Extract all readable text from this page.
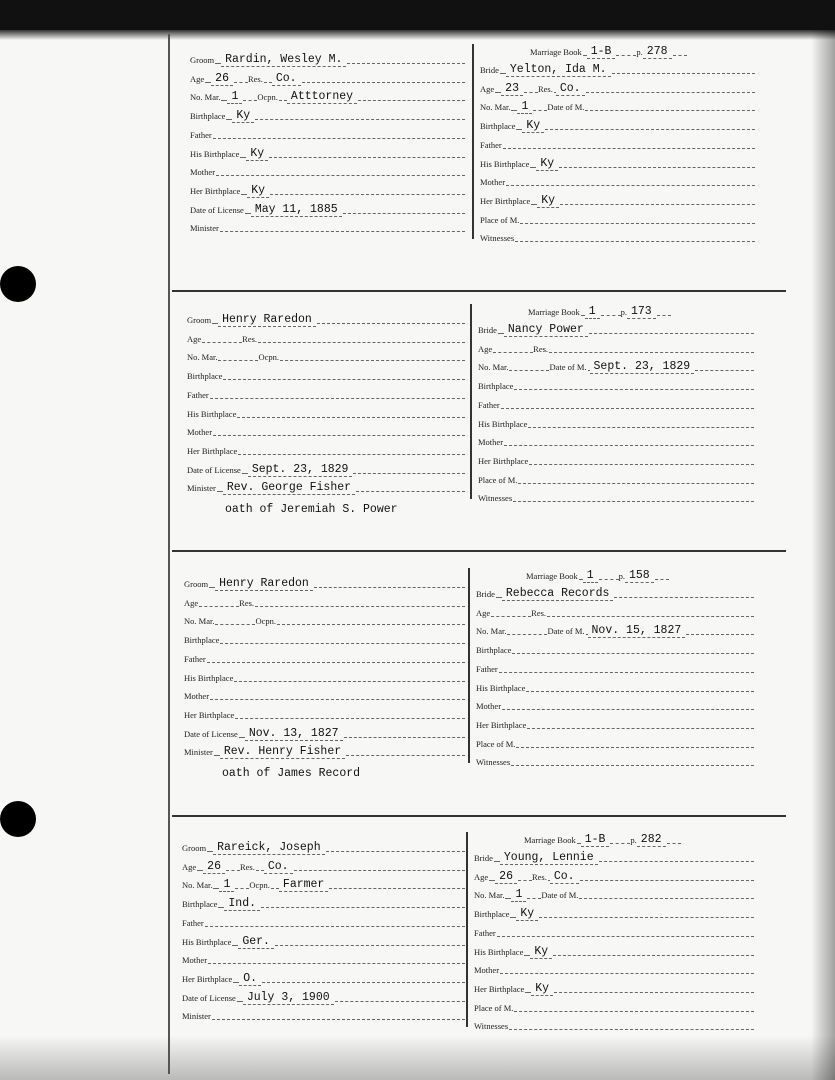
Groom Rardin, Wesley M.
Age 26	Res.	Co.
No. Mar. 1	Ocpn.	Atttorney
Birthplace Ky
Father
His Birthplace Ky
Mother
Her Birthplace Ky
Date of License May 11, 1885
Minister
Marriage Book 1-B	p. 278
Bride Yelton, Ida M.
Age 23	Res. Co.
No. Mar. 1	Date of M.
Birthplace Ky
Father
His Birthplace Ky
Mother
Her Birthplace Ky
Place of M.
Witnesses
Groom Henry Raredon
Age	Res.
No. Mar.	Ocpn.
Birthplace
Father
His Birthplace
Mother
Her Birthplace
Date of License Sept. 23, 1829
Minister Rev. George Fisher
Marriage Book 1	p. 173
Bride Nancy Power
Age	Res.
No. Mar.	Date of M. Sept. 23, 1829
Birthplace
Father
His Birthplace
Mother
Her Birthplace
Place of M.
Witnesses
oath of Jeremiah S. Power
Groom Henry Raredon
Age	Res.
No. Mar.	Ocpn.
Birthplace
Father
His Birthplace
Mother
Her Birthplace
Date of License Nov. 13, 1827
Minister Rev. Henry Fisher
Marriage Book 1	p. 158
Bride Rebecca Records
Age	Res.
No. Mar.	Date of M. Nov. 15, 1827
Birthplace
Father
His Birthplace
Mother
Her Birthplace
Place of M.
Witnesses
oath of James Record
Groom Rareick, Joseph
Age 26	Res.	Co.
No. Mar. 1	Ocpn.	Farmer
Birthplace Ind.
Father
His Birthplace Ger.
Mother
Her Birthplace O.
Date of License July 3, 1900
Minister
Marriage Book 1-B	p. 282
Bride Young, Lennie
Age 26	Res. Co.
No. Mar. 1	Date of M.
Birthplace Ky
Father
His Birthplace Ky
Mother
Her Birthplace Ky
Place of M.
Witnesses
